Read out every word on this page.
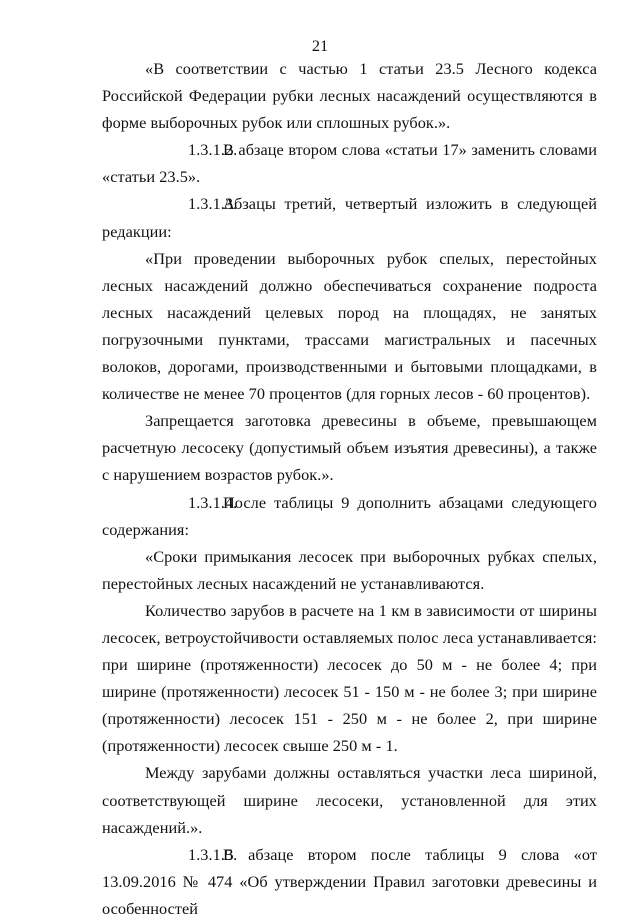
21

«В соответствии с частью 1 статьи 23.5 Лесного кодекса Российской Федерации рубки лесных насаждений осуществляются в форме выборочных рубок или сплошных рубок.».

1.3.1.2.В абзаце втором слова «статьи 17» заменить словами «статьи 23.5».

1.3.1.3.Абзацы третий, четвертый изложить в следующей редакции:

«При проведении выборочных рубок спелых, перестойных лесных насаждений должно обеспечиваться сохранение подроста лесных насаждений целевых пород на площадях, не занятых погрузочными пунктами, трассами магистральных и пасечных волоков, дорогами, производственными и бытовыми площадками, в количестве не менее 70 процентов (для горных лесов - 60 процентов).

Запрещается заготовка древесины в объеме, превышающем расчетную лесосеку (допустимый объем изъятия древесины), а также с нарушением возрастов рубок.».

1.3.1.4.После таблицы 9 дополнить абзацами следующего содержания:

«Сроки примыкания лесосек при выборочных рубках спелых, перестойных лесных насаждений не устанавливаются.

Количество зарубов в расчете на 1 км в зависимости от ширины лесосек, ветроустойчивости оставляемых полос леса устанавливается: при ширине (протяженности) лесосек до 50 м - не более 4; при ширине (протяженности) лесосек 51 - 150 м - не более 3; при ширине (протяженности) лесосек 151 - 250 м - не более 2, при ширине (протяженности) лесосек свыше 250 м - 1.

Между зарубами должны оставляться участки леса шириной, соответствующей ширине лесосеки, установленной для этих насаждений.».

1.3.1.5.В абзаце втором после таблицы 9 слова «от 13.09.2016 № 474 «Об утверждении Правил заготовки древесины и особенностей
